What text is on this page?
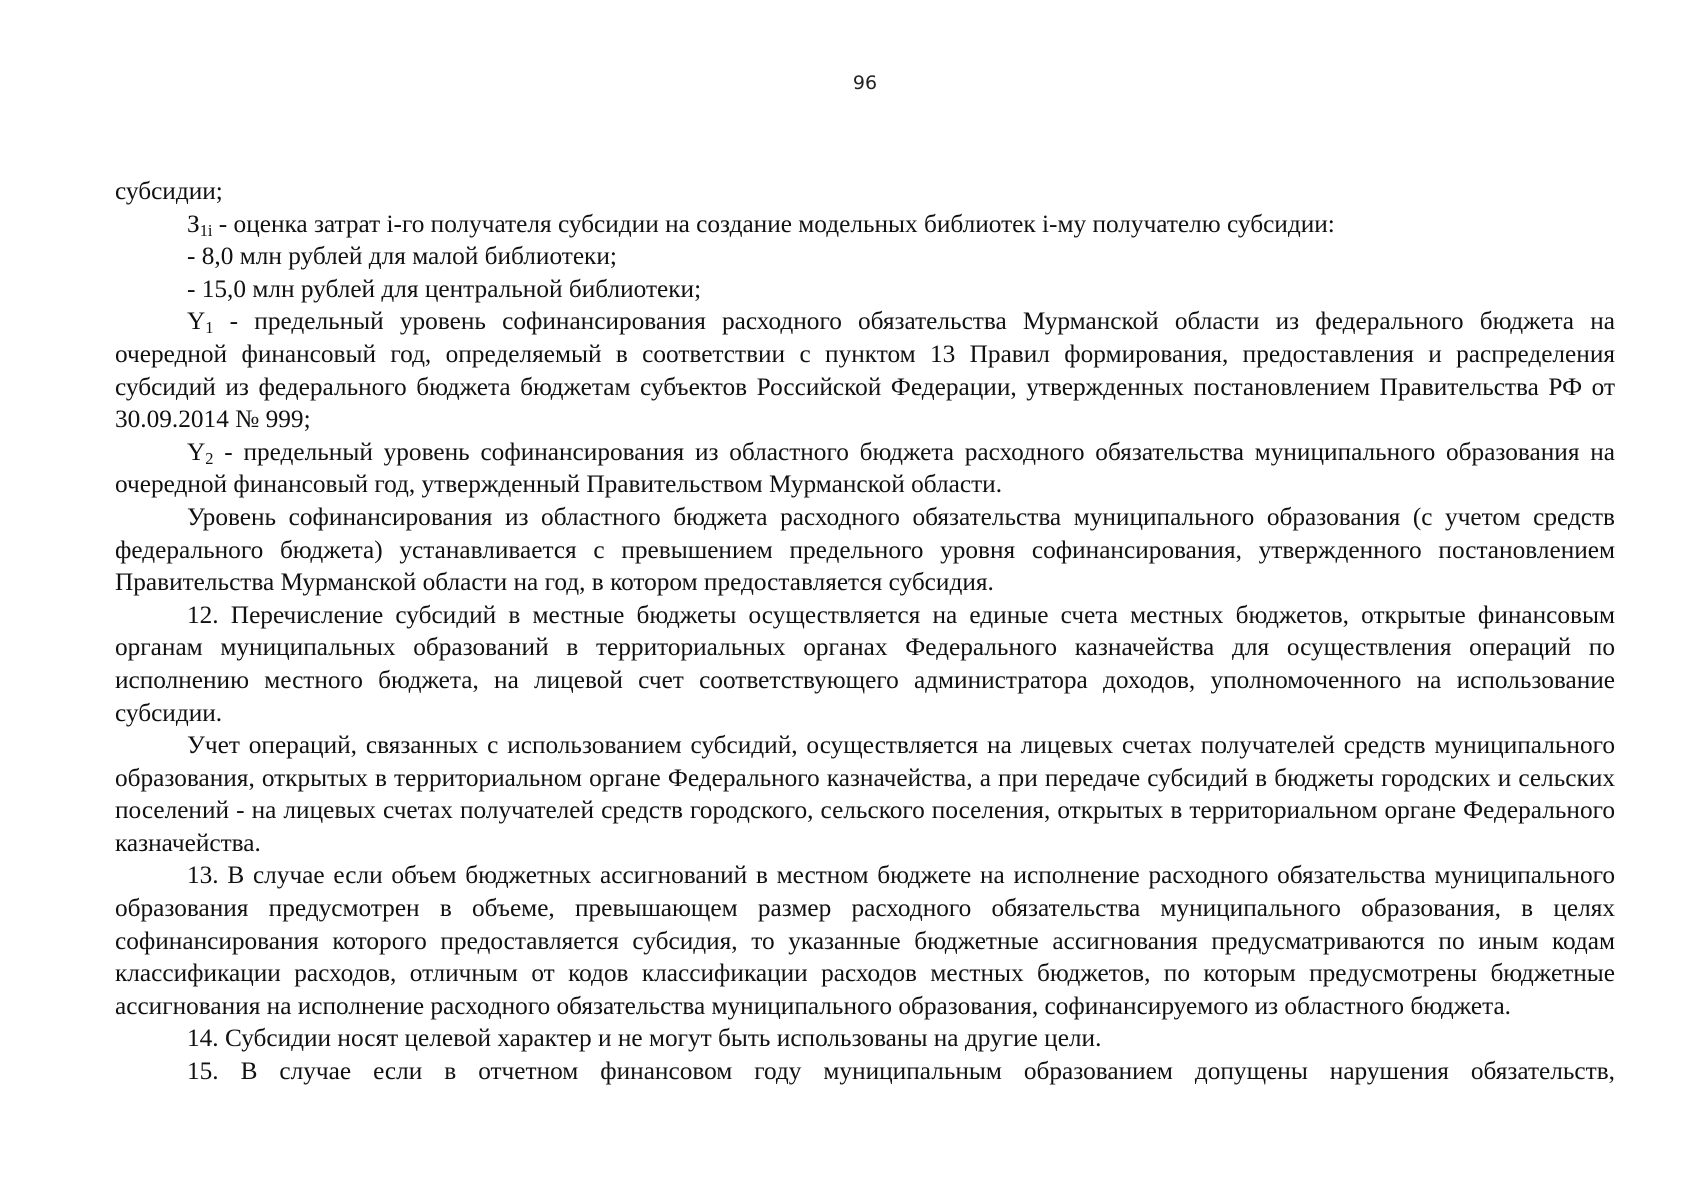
96

субсидии;

$З_{1i}$ - оценка затрат i-го получателя субсидии на создание модельных библиотек i-му получателю субсидии:

- 8,0 млн рублей для малой библиотеки;

- 15,0 млн рублей для центральной библиотеки;

$Y_1$ - предельный уровень софинансирования расходного обязательства Мурманской области из федерального бюджета на очередной финансовый год, определяемый в соответствии с пунктом 13 Правил формирования, предоставления и распределения субсидий из федерального бюджета бюджетам субъектов Российской Федерации, утвержденных постановлением Правительства РФ от 30.09.2014 № 999;

$Y_2$ - предельный уровень софинансирования из областного бюджета расходного обязательства муниципального образования на очередной финансовый год, утвержденный Правительством Мурманской области.

Уровень софинансирования из областного бюджета расходного обязательства муниципального образования (с учетом средств федерального бюджета) устанавливается с превышением предельного уровня софинансирования, утвержденного постановлением Правительства Мурманской области на год, в котором предоставляется субсидия.

12. Перечисление субсидий в местные бюджеты осуществляется на единые счета местных бюджетов, открытые финансовым органам муниципальных образований в территориальных органах Федерального казначейства для осуществления операций по исполнению местного бюджета, на лицевой счет соответствующего администратора доходов, уполномоченного на использование субсидии.

Учет операций, связанных с использованием субсидий, осуществляется на лицевых счетах получателей средств муниципального образования, открытых в территориальном органе Федерального казначейства, а при передаче субсидий в бюджеты городских и сельских поселений - на лицевых счетах получателей средств городского, сельского поселения, открытых в территориальном органе Федерального казначейства.

13. В случае если объем бюджетных ассигнований в местном бюджете на исполнение расходного обязательства муниципального образования предусмотрен в объеме, превышающем размер расходного обязательства муниципального образования, в целях софинансирования которого предоставляется субсидия, то указанные бюджетные ассигнования предусматриваются по иным кодам классификации расходов, отличным от кодов классификации расходов местных бюджетов, по которым предусмотрены бюджетные ассигнования на исполнение расходного обязательства муниципального образования, софинансируемого из областного бюджета.

14. Субсидии носят целевой характер и не могут быть использованы на другие цели.

15. В случае если в отчетном финансовом году муниципальным образованием допущены нарушения обязательств,
